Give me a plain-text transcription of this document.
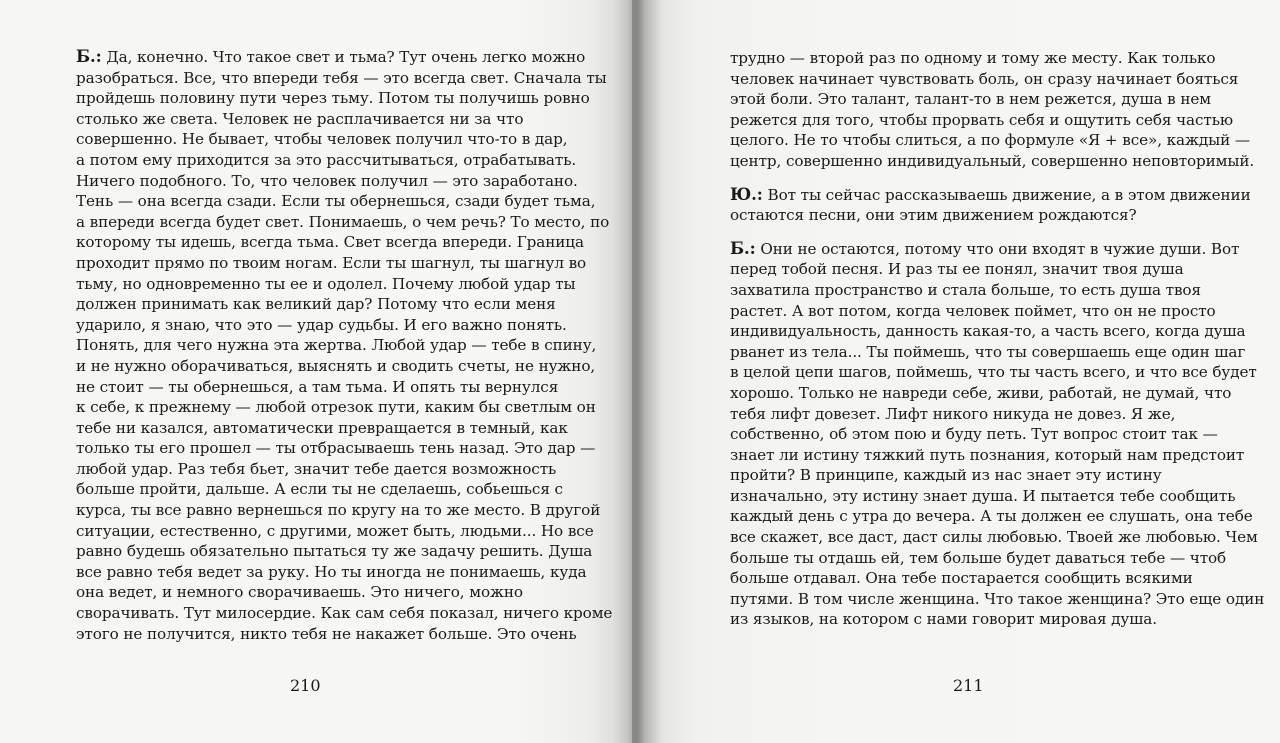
Б.: Да, конечно. Что такое свет и тьма? Тут очень легко можно
разобраться. Все, что впереди тебя — это всегда свет. Сначала ты
пройдешь половину пути через тьму. Потом ты получишь ровно
столько же света. Человек не расплачивается ни за что
совершенно. Не бывает, чтобы человек получил что-то в дар,
а потом ему приходится за это рассчитываться, отрабатывать.
Ничего подобного. То, что человек получил — это заработано.
Тень — она всегда сзади. Если ты обернешься, сзади будет тьма,
а впереди всегда будет свет. Понимаешь, о чем речь? То место, по
которому ты идешь, всегда тьма. Свет всегда впереди. Граница
проходит прямо по твоим ногам. Если ты шагнул, ты шагнул во
тьму, но одновременно ты ее и одолел. Почему любой удар ты
должен принимать как великий дар? Потому что если меня
ударило, я знаю, что это — удар судьбы. И его важно понять.
Понять, для чего нужна эта жертва. Любой удар — тебе в спину,
и не нужно оборачиваться, выяснять и сводить счеты, не нужно,
не стоит — ты обернешься, а там тьма. И опять ты вернулся
к себе, к прежнему — любой отрезок пути, каким бы светлым он
тебе ни казался, автоматически превращается в темный, как
только ты его прошел — ты отбрасываешь тень назад. Это дар —
любой удар. Раз тебя бьет, значит тебе дается возможность
больше пройти, дальше. А если ты не сделаешь, собьешься с
курса, ты все равно вернешься по кругу на то же место. В другой
ситуации, естественно, с другими, может быть, людьми... Но все
равно будешь обязательно пытаться ту же задачу решить. Душа
все равно тебя ведет за руку. Но ты иногда не понимаешь, куда
она ведет, и немного сворачиваешь. Это ничего, можно
сворачивать. Тут милосердие. Как сам себя показал, ничего кроме
этого не получится, никто тебя не накажет больше. Это очень
210	211
трудно — второй раз по одному и тому же месту. Как только
человек начинает чувствовать боль, он сразу начинает бояться
этой боли. Это талант, талант-то в нем режется, душа в нем
режется для того, чтобы прорвать себя и ощутить себя частью
целого. Не то чтобы слиться, а по формуле «Я + все», каждый —
центр, совершенно индивидуальный, совершенно неповторимый.
Ю.: Вот ты сейчас рассказываешь движение, а в этом движении
остаются песни, они этим движением рождаются?
Б.: Они не остаются, потому что они входят в чужие души. Вот
перед тобой песня. И раз ты ее понял, значит твоя душа
захватила пространство и стала больше, то есть душа твоя
растет. А вот потом, когда человек поймет, что он не просто
индивидуальность, данность какая-то, а часть всего, когда душа
рванет из тела... Ты поймешь, что ты совершаешь еще один шаг
в целой цепи шагов, поймешь, что ты часть всего, и что все будет
хорошо. Только не навреди себе, живи, работай, не думай, что
тебя лифт довезет. Лифт никого никуда не довез. Я же,
собственно, об этом пою и буду петь. Тут вопрос стоит так —
знает ли истину тяжкий путь познания, который нам предстоит
пройти? В принципе, каждый из нас знает эту истину
изначально, эту истину знает душа. И пытается тебе сообщить
каждый день с утра до вечера. А ты должен ее слушать, она тебе
все скажет, все даст, даст силы любовью. Твоей же любовью. Чем
больше ты отдашь ей, тем больше будет даваться тебе — чтоб
больше отдавал. Она тебе постарается сообщить всякими
путями. В том числе женщина. Что такое женщина? Это еще один
из языков, на котором с нами говорит мировая душа.
